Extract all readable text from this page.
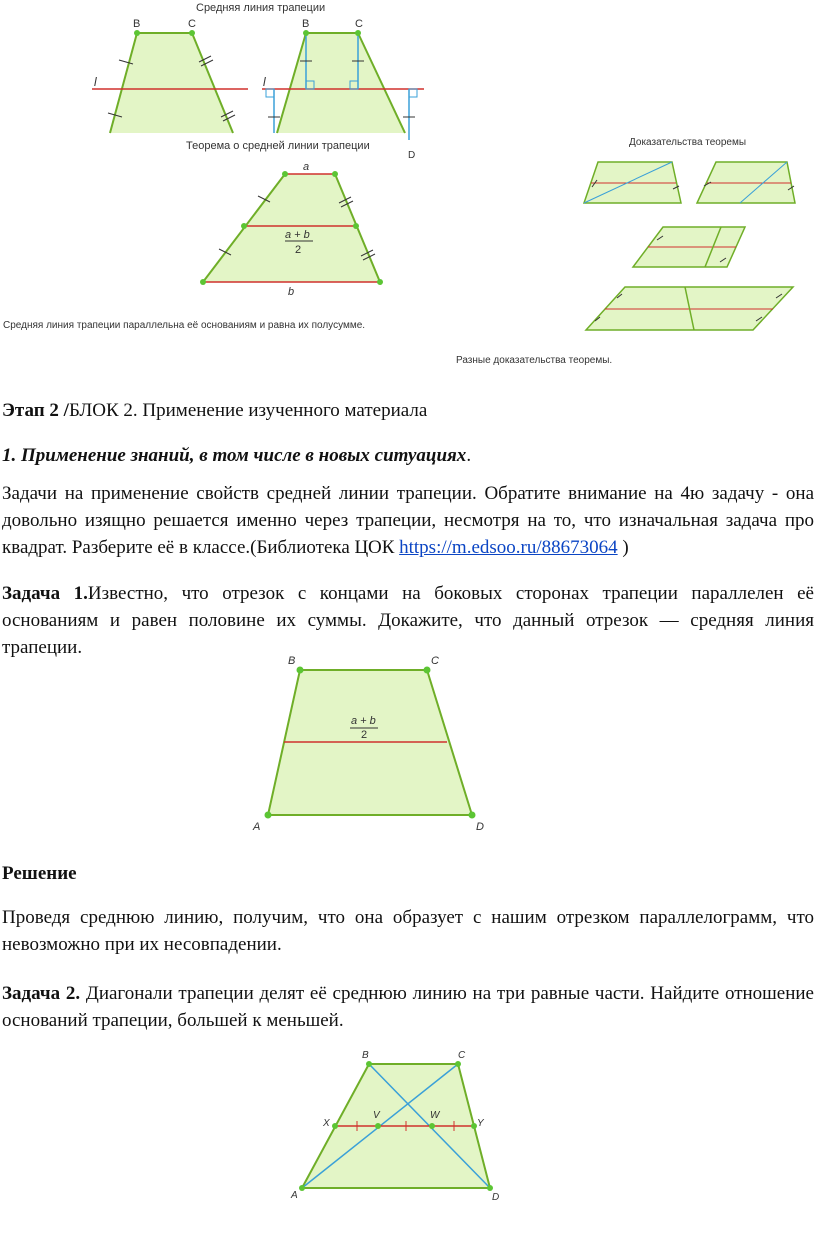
Средняя линия трапеции
B	C
l
B	C
l
D
Теорема о средней линии трапеции
a
a + b
2
b
Средняя линия трапеции параллельна её основаниям и равна их полусумме.
Доказательства теоремы
Разные доказательства теоремы.
Этап 2 /БЛОК 2. Применение изученного материала
1. Применение знаний, в том числе в новых ситуациях.
Задачи на применение свойств средней линии трапеции. Обратите внимание на 4ю задачу - она довольно изящно решается именно через трапеции, несмотря на то, что изначальная задача про квадрат. Разберите её в классе.(Библиотека ЦОК https://m.edsoo.ru/88673064 )
Задача 1.Известно, что отрезок с концами на боковых сторонах трапеции параллелен её основаниям и равен половине их суммы. Докажите, что данный отрезок — средняя линия трапеции.
B	C
A	D
a + b
2
Решение
Проведя среднюю линию, получим, что она образует с нашим отрезком параллелограмм, что невозможно при их несовпадении.
Задача 2. Диагонали трапеции делят её среднюю линию на три равные части. Найдите отношение оснований трапеции, большей к меньшей.
B	C
A	D
X	Y
V	W
